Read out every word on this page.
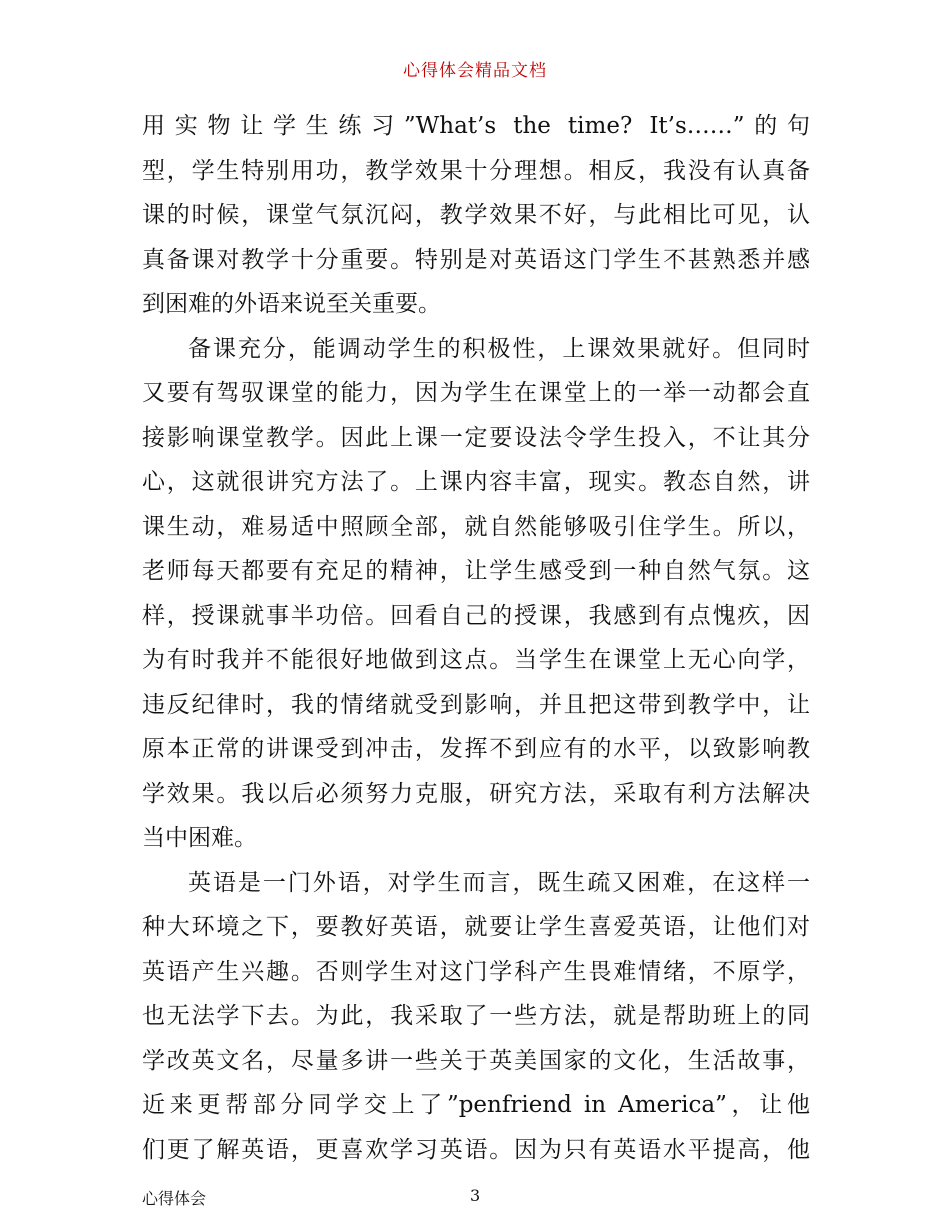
心得体会精品文档
用实物让学生练习”What’s the time? It’s……”的句
型，学生特别用功，教学效果十分理想。相反，我没有认真备
课的时候，课堂气氛沉闷，教学效果不好，与此相比可见，认
真备课对教学十分重要。特别是对英语这门学生不甚熟悉并感
到困难的外语来说至关重要。
备课充分，能调动学生的积极性，上课效果就好。但同时
又要有驾驭课堂的能力，因为学生在课堂上的一举一动都会直
接影响课堂教学。因此上课一定要设法令学生投入，不让其分
心，这就很讲究方法了。上课内容丰富，现实。教态自然，讲
课生动，难易适中照顾全部，就自然能够吸引住学生。所以，
老师每天都要有充足的精神，让学生感受到一种自然气氛。这
样，授课就事半功倍。回看自己的授课，我感到有点愧疚，因
为有时我并不能很好地做到这点。当学生在课堂上无心向学，
违反纪律时，我的情绪就受到影响，并且把这带到教学中，让
原本正常的讲课受到冲击，发挥不到应有的水平，以致影响教
学效果。我以后必须努力克服，研究方法，采取有利方法解决
当中困难。
英语是一门外语，对学生而言，既生疏又困难，在这样一
种大环境之下，要教好英语，就要让学生喜爱英语，让他们对
英语产生兴趣。否则学生对这门学科产生畏难情绪，不原学，
也无法学下去。为此，我采取了一些方法，就是帮助班上的同
学改英文名，尽量多讲一些关于英美国家的文化，生活故事，
近来更帮部分同学交上了”penfriend in America”，让他
们更了解英语，更喜欢学习英语。因为只有英语水平提高，他
心得体会	3
